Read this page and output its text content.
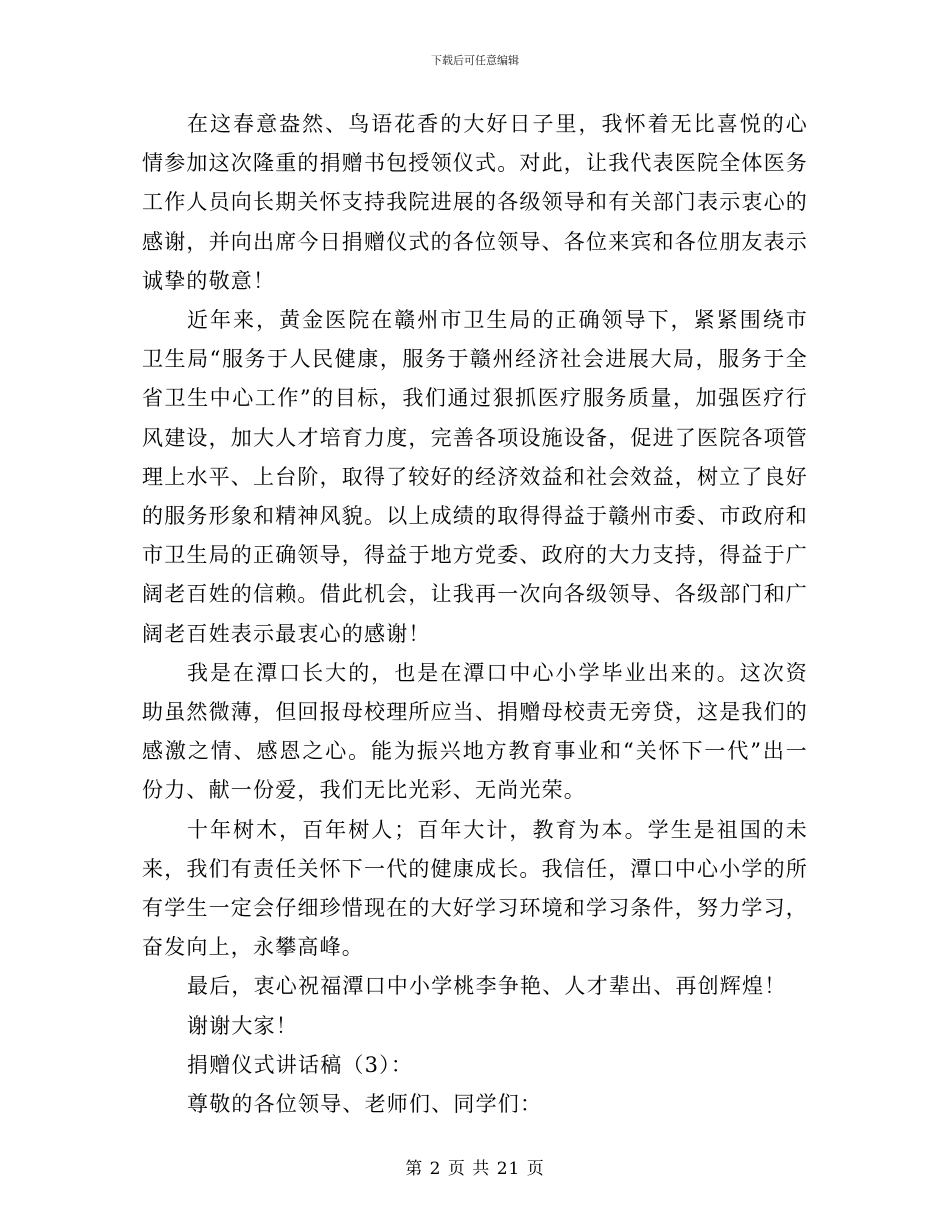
下载后可任意编辑

在这春意盎然、鸟语花香的大好日子里，我怀着无比喜悦的心情参加这次隆重的捐赠书包授领仪式。对此，让我代表医院全体医务工作人员向长期关怀支持我院进展的各级领导和有关部门表示衷心的感谢，并向出席今日捐赠仪式的各位领导、各位来宾和各位朋友表示诚挚的敬意！

近年来，黄金医院在赣州市卫生局的正确领导下，紧紧围绕市卫生局“服务于人民健康，服务于赣州经济社会进展大局，服务于全省卫生中心工作”的目标，我们通过狠抓医疗服务质量，加强医疗行风建设，加大人才培育力度，完善各项设施设备，促进了医院各项管理上水平、上台阶，取得了较好的经济效益和社会效益，树立了良好的服务形象和精神风貌。以上成绩的取得得益于赣州市委、市政府和市卫生局的正确领导，得益于地方党委、政府的大力支持，得益于广阔老百姓的信赖。借此机会，让我再一次向各级领导、各级部门和广阔老百姓表示最衷心的感谢！

我是在潭口长大的，也是在潭口中心小学毕业出来的。这次资助虽然微薄，但回报母校理所应当、捐赠母校责无旁贷，这是我们的感激之情、感恩之心。能为振兴地方教育事业和“关怀下一代”出一份力、献一份爱，我们无比光彩、无尚光荣。

十年树木，百年树人；百年大计，教育为本。学生是祖国的未来，我们有责任关怀下一代的健康成长。我信任，潭口中心小学的所有学生一定会仔细珍惜现在的大好学习环境和学习条件，努力学习，奋发向上，永攀高峰。

最后，衷心祝福潭口中小学桃李争艳、人才辈出、再创辉煌！

谢谢大家！

捐赠仪式讲话稿（3）：

尊敬的各位领导、老师们、同学们：

第 2 页 共 21 页
